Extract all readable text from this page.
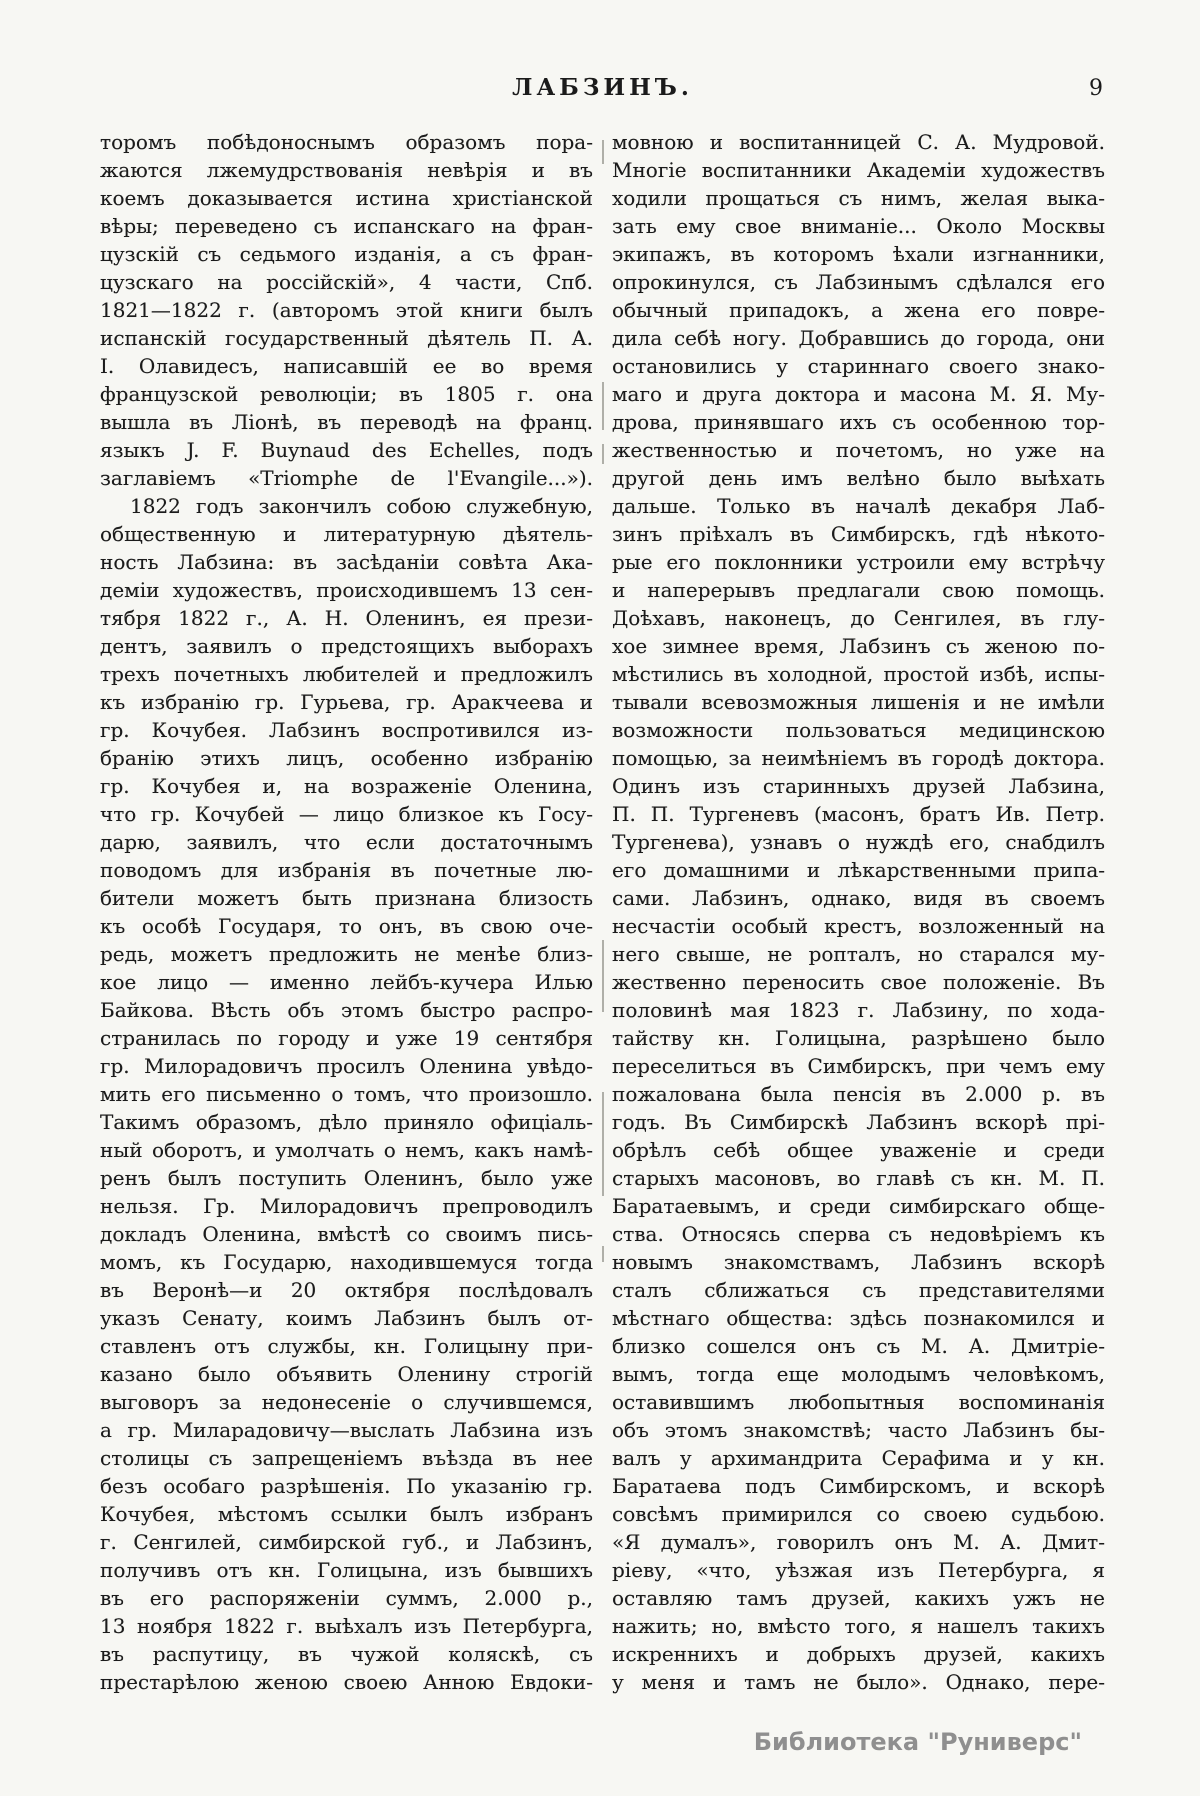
ЛАБЗИНЪ.	9
торомъ побѣдоноснымъ образомъ пора-
жаются лжемудрствованія невѣрія и въ
коемъ доказывается истина христіанской
вѣры; переведено съ испанскаго на фран-
цузскій съ седьмого изданія, а съ фран-
цузскаго на россійскій», 4 части, Спб.
1821—1822 г. (авторомъ этой книги былъ
испанскій государственный дѣятель П. А.
І. Олавидесъ, написавшій ее во время
французской революціи; въ 1805 г. она
вышла въ Ліонѣ, въ переводѣ на франц.
языкъ J. F. Buynaud des Echelles, подъ
заглавіемъ «Triomphe de l'Evangile...»).
1822 годъ закончилъ собою служебную,
общественную и литературную дѣятель-
ность Лабзина: въ засѣданіи совѣта Ака-
деміи художествъ, происходившемъ 13 сен-
тября 1822 г., А. Н. Оленинъ, ея прези-
дентъ, заявилъ о предстоящихъ выборахъ
трехъ почетныхъ любителей и предложилъ
къ избранію гр. Гурьева, гр. Аракчеева и
гр. Кочубея. Лабзинъ воспротивился из-
бранію этихъ лицъ, особенно избранію
гр. Кочубея и, на возраженіе Оленина,
что гр. Кочубей — лицо близкое къ Госу-
дарю, заявилъ, что если достаточнымъ
поводомъ для избранія въ почетные лю-
бители можетъ быть признана близость
къ особѣ Государя, то онъ, въ свою оче-
редь, можетъ предложить не менѣе близ-
кое лицо — именно лейбъ-кучера Илью
Байкова. Вѣсть объ этомъ быстро распро-
странилась по городу и уже 19 сентября
гр. Милорадовичъ просилъ Оленина увѣдо-
мить его письменно о томъ, что произошло.
Такимъ образомъ, дѣло приняло офиціаль-
ный оборотъ, и умолчать о немъ, какъ намѣ-
ренъ былъ поступить Оленинъ, было уже
нельзя. Гр. Милорадовичъ препроводилъ
докладъ Оленина, вмѣстѣ со своимъ пись-
момъ, къ Государю, находившемуся тогда
въ Веронѣ—и 20 октября послѣдовалъ
указъ Сенату, коимъ Лабзинъ былъ от-
ставленъ отъ службы, кн. Голицыну при-
казано было объявить Оленину строгій
выговоръ за недонесеніе о случившемся,
а гр. Миларадовичу—выслать Лабзина изъ
столицы съ запрещеніемъ въѣзда въ нее
безъ особаго разрѣшенія. По указанію гр.
Кочубея, мѣстомъ ссылки былъ избранъ
г. Сенгилей, симбирской губ., и Лабзинъ,
получивъ отъ кн. Голицына, изъ бывшихъ
въ его распоряженіи суммъ, 2.000 р.,
13 ноября 1822 г. выѣхалъ изъ Петербурга,
въ распутицу, въ чужой коляскѣ, съ
престарѣлою женою своею Анною Евдоки-
мовною и воспитанницей С. А. Мудровой.
Многіе воспитанники Академіи художествъ
ходили прощаться съ нимъ, желая выка-
зать ему свое вниманіе... Около Москвы
экипажъ, въ которомъ ѣхали изгнанники,
опрокинулся, съ Лабзинымъ сдѣлался его
обычный припадокъ, а жена его повре-
дила себѣ ногу. Добравшись до города, они
остановились у стариннаго своего знако-
маго и друга доктора и масона М. Я. Му-
дрова, принявшаго ихъ съ особенною тор-
жественностью и почетомъ, но уже на
другой день имъ велѣно было выѣхать
дальше. Только въ началѣ декабря Лаб-
зинъ пріѣхалъ въ Симбирскъ, гдѣ нѣкото-
рые его поклонники устроили ему встрѣчу
и наперерывъ предлагали свою помощь.
Доѣхавъ, наконецъ, до Сенгилея, въ глу-
хое зимнее время, Лабзинъ съ женою по-
мѣстились въ холодной, простой избѣ, испы-
тывали всевозможныя лишенія и не имѣли
возможности пользоваться медицинскою
помощью, за неимѣніемъ въ городѣ доктора.
Одинъ изъ старинныхъ друзей Лабзина,
П. П. Тургеневъ (масонъ, братъ Ив. Петр.
Тургенева), узнавъ о нуждѣ его, снабдилъ
его домашними и лѣкарственными припа-
сами. Лабзинъ, однако, видя въ своемъ
несчастіи особый крестъ, возложенный на
него свыше, не ропталъ, но старался му-
жественно переносить свое положеніе. Въ
половинѣ мая 1823 г. Лабзину, по хода-
тайству кн. Голицына, разрѣшено было
переселиться въ Симбирскъ, при чемъ ему
пожалована была пенсія въ 2.000 р. въ
годъ. Въ Симбирскѣ Лабзинъ вскорѣ прі-
обрѣлъ себѣ общее уваженіе и среди
старыхъ масоновъ, во главѣ съ кн. М. П.
Баратаевымъ, и среди симбирскаго обще-
ства. Относясь сперва съ недовѣріемъ къ
новымъ знакомствамъ, Лабзинъ вскорѣ
сталъ сближаться съ представителями
мѣстнаго общества: здѣсь познакомился и
близко сошелся онъ съ М. А. Дмитріе-
вымъ, тогда еще молодымъ человѣкомъ,
оставившимъ любопытныя воспоминанія
объ этомъ знакомствѣ; часто Лабзинъ бы-
валъ у архимандрита Серафима и у кн.
Баратаева подъ Симбирскомъ, и вскорѣ
совсѣмъ примирился со своею судьбою.
«Я думалъ», говорилъ онъ М. А. Дмит-
ріеву, «что, уѣзжая изъ Петербурга, я
оставляю тамъ друзей, какихъ ужъ не
нажить; но, вмѣсто того, я нашелъ такихъ
искреннихъ и добрыхъ друзей, какихъ
у меня и тамъ не было». Однако, пере-
Библиотека "Руниверс"
